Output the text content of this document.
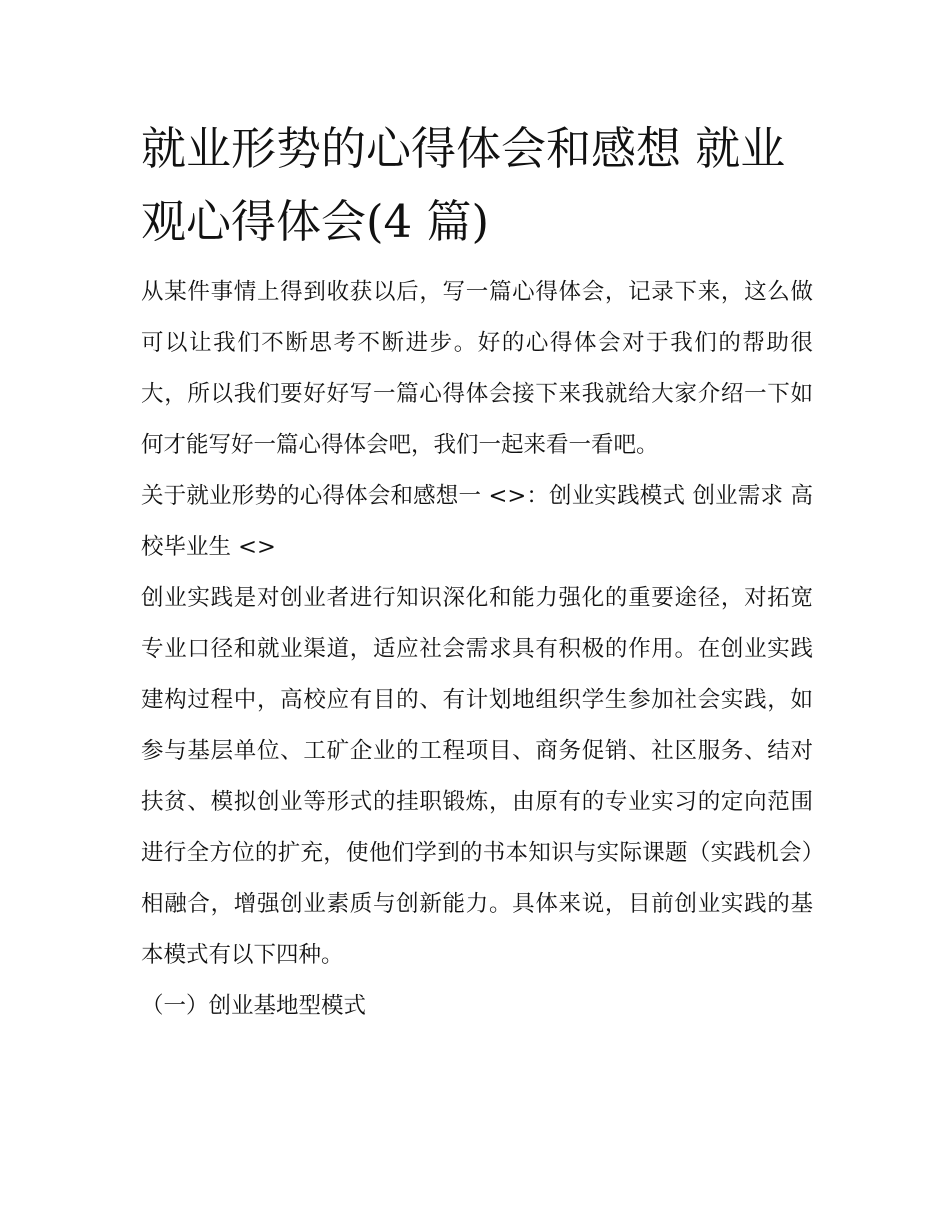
就业形势的心得体会和感想 就业观心得体会(4 篇)

从某件事情上得到收获以后，写一篇心得体会，记录下来，这么做可以让我们不断思考不断进步。好的心得体会对于我们的帮助很大，所以我们要好好写一篇心得体会接下来我就给大家介绍一下如何才能写好一篇心得体会吧，我们一起来看一看吧。

关于就业形势的心得体会和感想一 <>：创业实践模式 创业需求 高校毕业生 <>

创业实践是对创业者进行知识深化和能力强化的重要途径，对拓宽专业口径和就业渠道，适应社会需求具有积极的作用。在创业实践建构过程中，高校应有目的、有计划地组织学生参加社会实践，如参与基层单位、工矿企业的工程项目、商务促销、社区服务、结对扶贫、模拟创业等形式的挂职锻炼，由原有的专业实习的定向范围进行全方位的扩充，使他们学到的书本知识与实际课题（实践机会）相融合，增强创业素质与创新能力。具体来说，目前创业实践的基本模式有以下四种。

（一）创业基地型模式
